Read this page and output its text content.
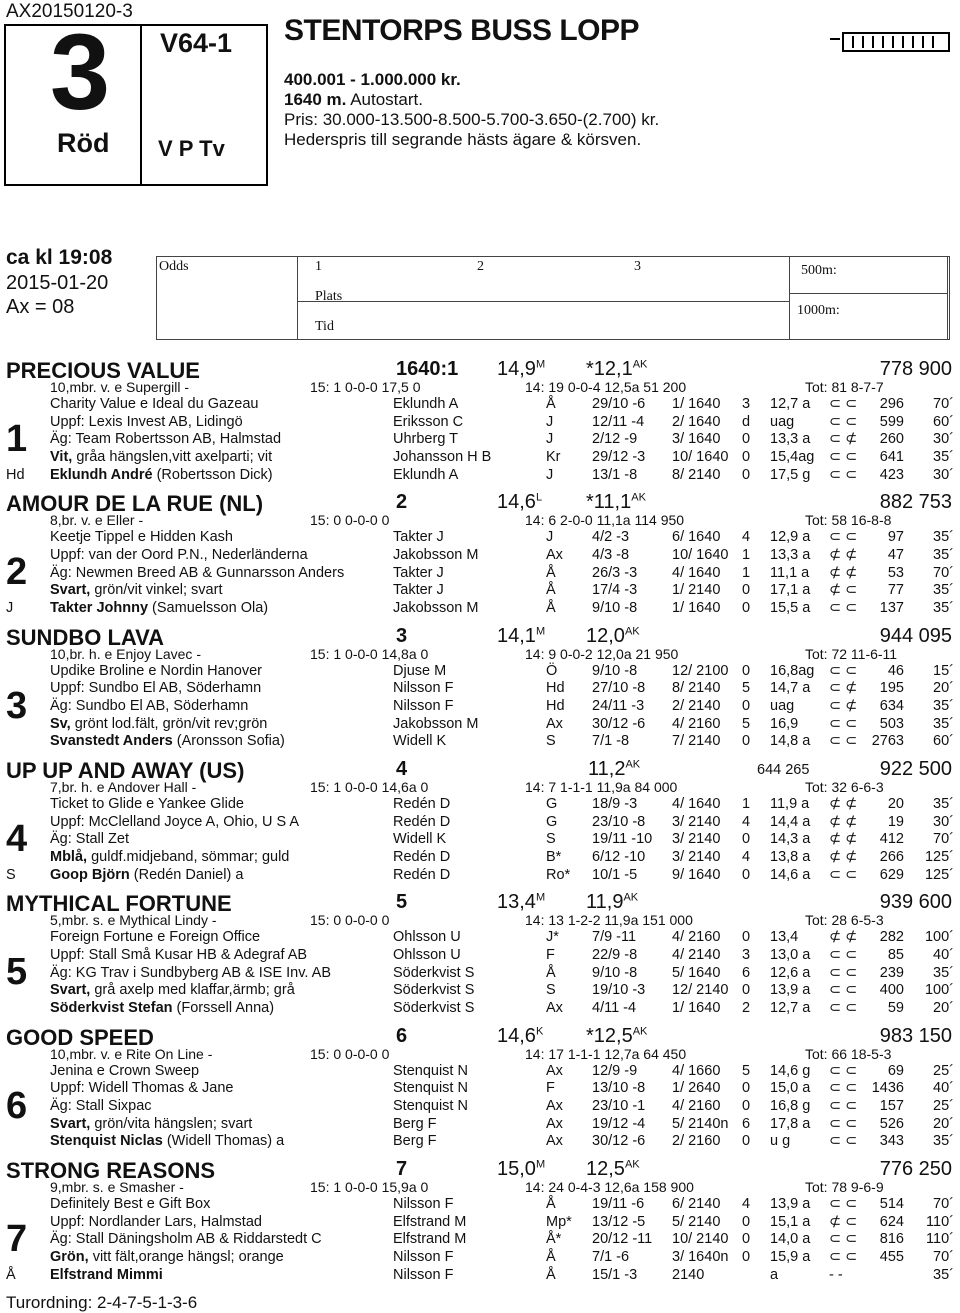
AX20150120-3
3
Röd
V64-1
V P Tv
STENTORPS BUSS LOPP
400.001 - 1.000.000 kr.
1640 m. Autostart.
Pris: 30.000-13.500-8.500-5.700-3.650-(2.700) kr.
Hederspris till segrande hästs ägare & körsven.
ca kl 19:08
2015-01-20
Ax = 08
Odds	1	2	3	500m:
Plats
1000m:
Tid
PRECIOUS VALUE	1640:1 $14,9^M$ $*12,1^{AK}$	778 900
10,mbr. v. e Supergill -	15: 1 0-0-0 17,5 0	14: 19 0-0-4 12,5a 51 200	Tot: 81 8-7-7
1
Hd
Charity Value e Ideal du Gazeau	Eklundh A	Å	29/10 -6 1/ 1640 3 12,7 a ⊂ ⊂ 296 70´
Uppf: Lexis Invest AB, Lidingö	Eriksson C	J	12/11 -4 2/ 1640 d uag ⊂ ⊂ 599 60´
Äg: Team Robertsson AB, Halmstad	Uhrberg T	J	2/12 -9 3/ 1640 0 13,3 a ⊂ ⊄ 260 30´
Vit, gråa hängslen,vitt axelparti; vit	Johansson H B	Kr 29/12 -3 10/ 1640 0 15,4ag ⊂ ⊂ 641 35´
Eklundh André (Robertsson Dick)	Eklundh A	J	13/1 -8 8/ 2140 0 17,5 g ⊂ ⊂ 423 30´
AMOUR DE LA RUE (NL)	2	$14,6^L$ $*11,1^{AK}$	882 753
8,br. v. e Eller -	15: 0 0-0-0 0	14: 6 2-0-0 11,1a 114 950	Tot: 58 16-8-8
2
J
Keetje Tippel e Hidden Kash	Takter J	J	4/2 -3	6/ 1640 4 12,9 a ⊂ ⊂ 97 35´
Uppf: van der Oord P.N., Nederländerna	Jakobsson M	Ax 4/3 -8	10/ 1640 1 13,3 a ⊄ ⊄ 47 35´
Äg: Newmen Breed AB & Gunnarsson Anders	Takter J	Å	26/3 -3 4/ 1640 1 11,1 a ⊄ ⊄ 53 70´
Svart, grön/vit vinkel; svart	Takter J	Å	17/4 -3 1/ 2140 0 17,1 a ⊄ ⊂ 77 35´
Takter Johnny (Samuelsson Ola)	Jakobsson M	Å	9/10 -8 1/ 1640 0 15,5 a ⊂ ⊂ 137 35´
SUNDBO LAVA	3	$14,1^M$ $12,0^{AK}$	944 095
10,br. h. e Enjoy Lavec -	15: 1 0-0-0 14,8a 0	14: 9 0-0-2 12,0a 21 950	Tot: 72 11-6-11
3
Updike Broline e Nordin Hanover	Djuse M	Ö 9/10 -8 12/ 2100 0 16,8ag ⊂ ⊂ 46 15´
Uppf: Sundbo El AB, Söderhamn	Nilsson F	Hd 27/10 -8 8/ 2140 5 14,7 a ⊂ ⊄ 195 20´
Äg: Sundbo El AB, Söderhamn	Nilsson F	Hd 24/11 -3 2/ 2140 0 uag ⊂ ⊄ 634 35´
Sv, grönt lod.fält, grön/vit rev;grön	Jakobsson M	Ax 30/12 -6 4/ 2160 5 16,9 ⊂ ⊂ 503 35´
Svanstedt Anders (Aronsson Sofia)	Widell K	S	7/1 -8	7/ 2140 0 14,8 a ⊂ ⊂ 2763 60´
UP UP AND AWAY (US)	4	$11,2^{AK}$	644 265	922 500
7,br. h. e Andover Hall -	15: 1 0-0-0 14,6a 0	14: 7 1-1-1 11,9a 84 000	Tot: 32 6-6-3
4
S
Ticket to Glide e Yankee Glide	Redén D	G 18/9 -3 4/ 1640 1 11,9 a ⊄ ⊄ 20 35´
Uppf: McClelland Joyce A, Ohio, U S A	Redén D	G 23/10 -8 3/ 2140 4 14,4 a ⊄ ⊄ 19 30´
Äg: Stall Zet	Widell K	S	19/11 -10 3/ 2140 0 14,3 a ⊄ ⊄ 412 70´
Mblå, guldf.midjeband, sömmar; guld	Redén D	B* 6/12 -10 3/ 2140 4 13,8 a ⊄ ⊄ 266 125´
Goop Björn (Redén Daniel) a	Redén D	Ro* 10/1 -5 9/ 1640 0 14,6 a ⊂ ⊂ 629 125´
MYTHICAL FORTUNE	5	$13,4^M$ $11,9^{AK}$	939 600
5,mbr. s. e Mythical Lindy -	15: 0 0-0-0 0	14: 13 1-2-2 11,9a 151 000	Tot: 28 6-5-3
5
Foreign Fortune e Foreign Office	Ohlsson U	J* 7/9 -11 4/ 2160 0 13,4 ⊄ ⊄ 282 100´
Uppf: Stall Små Kusar HB & Adegraf AB	Ohlsson U	F	22/9 -8 4/ 2140 3 13,0 a ⊂ ⊂ 85 40´
Äg: KG Trav i Sundbyberg AB & ISE Inv. AB	Söderkvist S	Å	9/10 -8 5/ 1640 6 12,6 a ⊂ ⊂ 239 35´
Svart, grå axelp med klaffar,ärmb; grå	Söderkvist S	S	19/10 -3 12/ 2140 0 13,9 a ⊂ ⊂ 400 100´
Söderkvist Stefan (Forssell Anna)	Söderkvist S	Ax 4/11 -4 1/ 1640 2 12,7 a ⊂ ⊂ 59 20´
GOOD SPEED	6	$14,6^K$ $*12,5^{AK}$	983 150
10,mbr. v. e Rite On Line -	15: 0 0-0-0 0	14: 17 1-1-1 12,7a 64 450	Tot: 66 18-5-3
6
Jenina e Crown Sweep	Stenquist N	Ax 12/9 -9 4/ 1660 5 14,6 g ⊂ ⊂ 69 25´
Uppf: Widell Thomas & Jane	Stenquist N	F	13/10 -8 1/ 2640 0 15,0 a ⊂ ⊂ 1436 40´
Äg: Stall Sixpac	Stenquist N	Ax 23/10 -1 4/ 2160 0 16,8 g ⊂ ⊂ 157 25´
Svart, grön/vita hängslen; svart	Berg F	Ax 19/12 -4 5/ 2140n 6 17,8 a ⊂ ⊂ 526 20´
Stenquist Niclas (Widell Thomas) a	Berg F	Ax 30/12 -6 2/ 2160 0 u g	⊂ ⊂ 343 35´
STRONG REASONS	7	$15,0^M$ $12,5^{AK}$	776 250
9,mbr. s. e Smasher -	15: 1 0-0-0 15,9a 0	14: 24 0-4-3 12,6a 158 900	Tot: 78 9-6-9
7
Å
Definitely Best e Gift Box	Nilsson F	Å	19/11 -6 6/ 2140 4 13,9 a ⊂ ⊂ 514 70´
Uppf: Nordlander Lars, Halmstad	Elfstrand M	Mp* 13/12 -5 5/ 2140 0 15,1 a ⊄ ⊂ 624 110´
Äg: Stall Däningsholm AB & Riddarstedt C	Elfstrand M	Å* 20/12 -11 10/ 2140 0 14,0 a ⊂ ⊂ 816 110´
Grön, vitt fält,orange hängsl; orange	Nilsson F	Å	7/1 -6	3/ 1640n 0 15,9 a ⊂ ⊂ 455 70´
Elfstrand Mimmi	Nilsson F	Å	15/1 -3 2140	a	- -	35´
Turordning: 2-4-7-5-1-3-6
